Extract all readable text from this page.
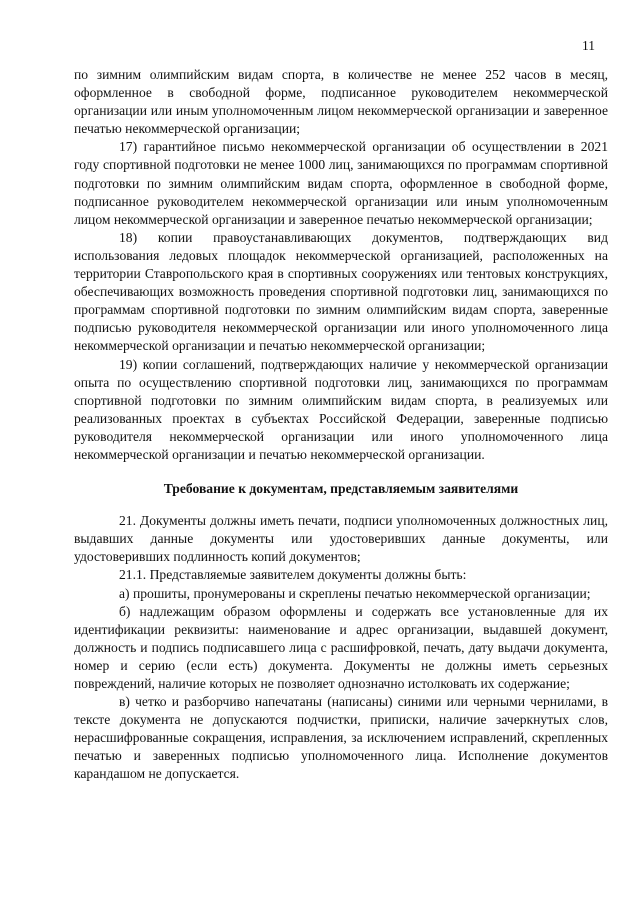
11

по зимним олимпийским видам спорта, в количестве не менее 252 часов в месяц, оформленное в свободной форме, подписанное руководителем некоммерческой организации или иным уполномоченным лицом некоммерческой организации и заверенное печатью некоммерческой организации;

17) гарантийное письмо некоммерческой организации об осуществлении в 2021 году спортивной подготовки не менее 1000 лиц, занимающихся по программам спортивной подготовки по зимним олимпийским видам спорта, оформленное в свободной форме, подписанное руководителем некоммерческой организации или иным уполномоченным лицом некоммерческой организации и заверенное печатью некоммерческой организации;

18) копии правоустанавливающих документов, подтверждающих вид использования ледовых площадок некоммерческой организацией, расположенных на территории Ставропольского края в спортивных сооружениях или тентовых конструкциях, обеспечивающих возможность проведения спортивной подготовки лиц, занимающихся по программам спортивной подготовки по зимним олимпийским видам спорта, заверенные подписью руководителя некоммерческой организации или иного уполномоченного лица некоммерческой организации и печатью некоммерческой организации;

19) копии соглашений, подтверждающих наличие у некоммерческой организации опыта по осуществлению спортивной подготовки лиц, занимающихся по программам спортивной подготовки по зимним олимпийским видам спорта, в реализуемых или реализованных проектах в субъектах Российской Федерации, заверенные подписью руководителя некоммерческой организации или иного уполномоченного лица некоммерческой организации и печатью некоммерческой организации.

Требование к документам, представляемым заявителями

21. Документы должны иметь печати, подписи уполномоченных должностных лиц, выдавших данные документы или удостоверивших данные документы, или удостоверивших подлинность копий документов;

21.1. Представляемые заявителем документы должны быть:

а) прошиты, пронумерованы и скреплены печатью некоммерческой организации;

б) надлежащим образом оформлены и содержать все установленные для их идентификации реквизиты: наименование и адрес организации, выдавшей документ, должность и подпись подписавшего лица с расшифровкой, печать, дату выдачи документа, номер и серию (если есть) документа. Документы не должны иметь серьезных повреждений, наличие которых не позволяет однозначно истолковать их содержание;

в) четко и разборчиво напечатаны (написаны) синими или черными чернилами, в тексте документа не допускаются подчистки, приписки, наличие зачеркнутых слов, нерасшифрованные сокращения, исправления, за исключением исправлений, скрепленных печатью и заверенных подписью уполномоченного лица. Исполнение документов карандашом не допускается.
